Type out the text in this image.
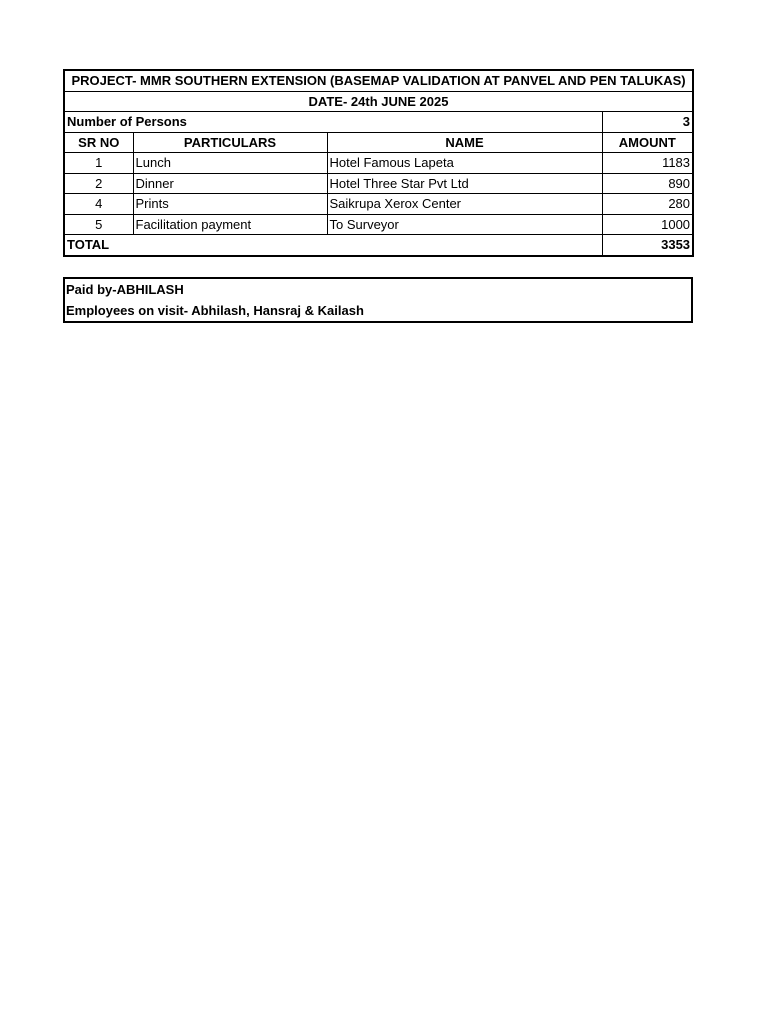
PROJECT- MMR SOUTHERN EXTENSION (BASEMAP VALIDATION AT PANVEL AND PEN TALUKAS)			
DATE- 24th JUNE 2025			
Number of Persons			3
SR NO	PARTICULARS	NAME	AMOUNT
1	Lunch	Hotel Famous Lapeta	1183
2	Dinner	Hotel Three Star Pvt Ltd	890
4	Prints	Saikrupa Xerox Center	280
5	Facilitation payment	To Surveyor	1000
TOTAL			3353
Paid by-ABHILASH
Employees on visit- Abhilash, Hansraj & Kailash
